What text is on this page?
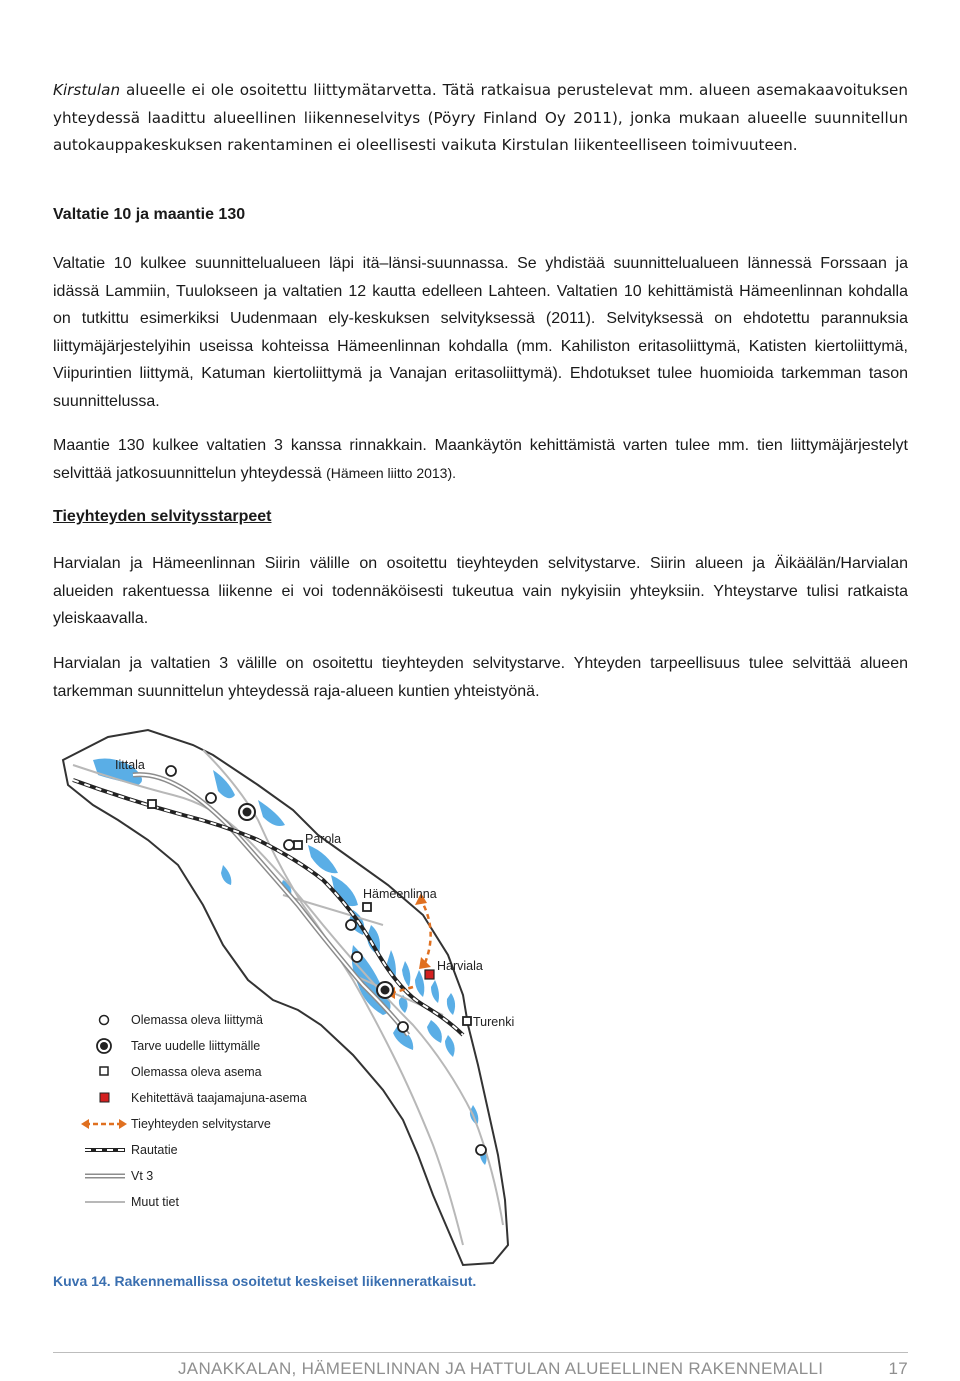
Kirstulan alueelle ei ole osoitettu liittymätarvetta. Tätä ratkaisua perustelevat mm. alueen asemakaavoituksen yhteydessä laadittu alueellinen liikenneselvitys (Pöyry Finland Oy 2011), jonka mukaan alueelle suunnitellun autokauppakeskuksen rakentaminen ei oleellisesti vaikuta Kirstulan liikenteelliseen toimivuuteen.

Valtatie 10 ja maantie 130

Valtatie 10 kulkee suunnittelualueen läpi itä‒länsi-suunnassa. Se yhdistää suunnittelualueen lännessä Forssaan ja idässä Lammiin, Tuulokseen ja valtatien 12 kautta edelleen Lahteen. Valtatien 10 kehittämistä Hämeenlinnan kohdalla on tutkittu esimerkiksi Uudenmaan ely-keskuksen selvityksessä (2011). Selvityksessä on ehdotettu parannuksia liittymäjärjestelyihin useissa kohteissa Hämeenlinnan kohdalla (mm. Kahiliston eritasoliittymä, Katisten kiertoliittymä, Viipurintien liittymä, Katuman kiertoliittymä ja Vanajan eritasoliittymä). Ehdotukset tulee huomioida tarkemman tason suunnittelussa.

Maantie 130 kulkee valtatien 3 kanssa rinnakkain. Maankäytön kehittämistä varten tulee mm. tien liittymäjärjestelyt selvittää jatkosuunnittelun yhteydessä (Hämeen liitto 2013).

Tieyhteyden selvitysstarpeet

Harvialan ja Hämeenlinnan Siirin välille on osoitettu tieyhteyden selvitystarve. Siirin alueen ja Äikäälän/Harvialan alueiden rakentuessa liikenne ei voi todennäköisesti tukeutua vain nykyisiin yhteyksiin. Yhteystarve tulisi ratkaista yleiskaavalla.

Harvialan ja valtatien 3 välille on osoitettu tieyhteyden selvitystarve. Yhteyden tarpeellisuus tulee selvittää alueen tarkemman suunnittelun yhteydessä raja-alueen kuntien yhteistyönä.

Iittala
Parola
Hämeenlinna
Harviala
Turenki
Olemassa oleva liittymä
Tarve uudelle liittymälle
Olemassa oleva asema
Kehitettävä taajamajuna-asema
Tieyhteyden selvitystarve
Rautatie
Vt 3
Muut tiet

Kuva 14. Rakennemallissa osoitetut keskeiset liikenneratkaisut.

JANAKKALAN, HÄMEENLINNAN JA HATTULAN ALUEELLINEN RAKENNEMALLI	17
